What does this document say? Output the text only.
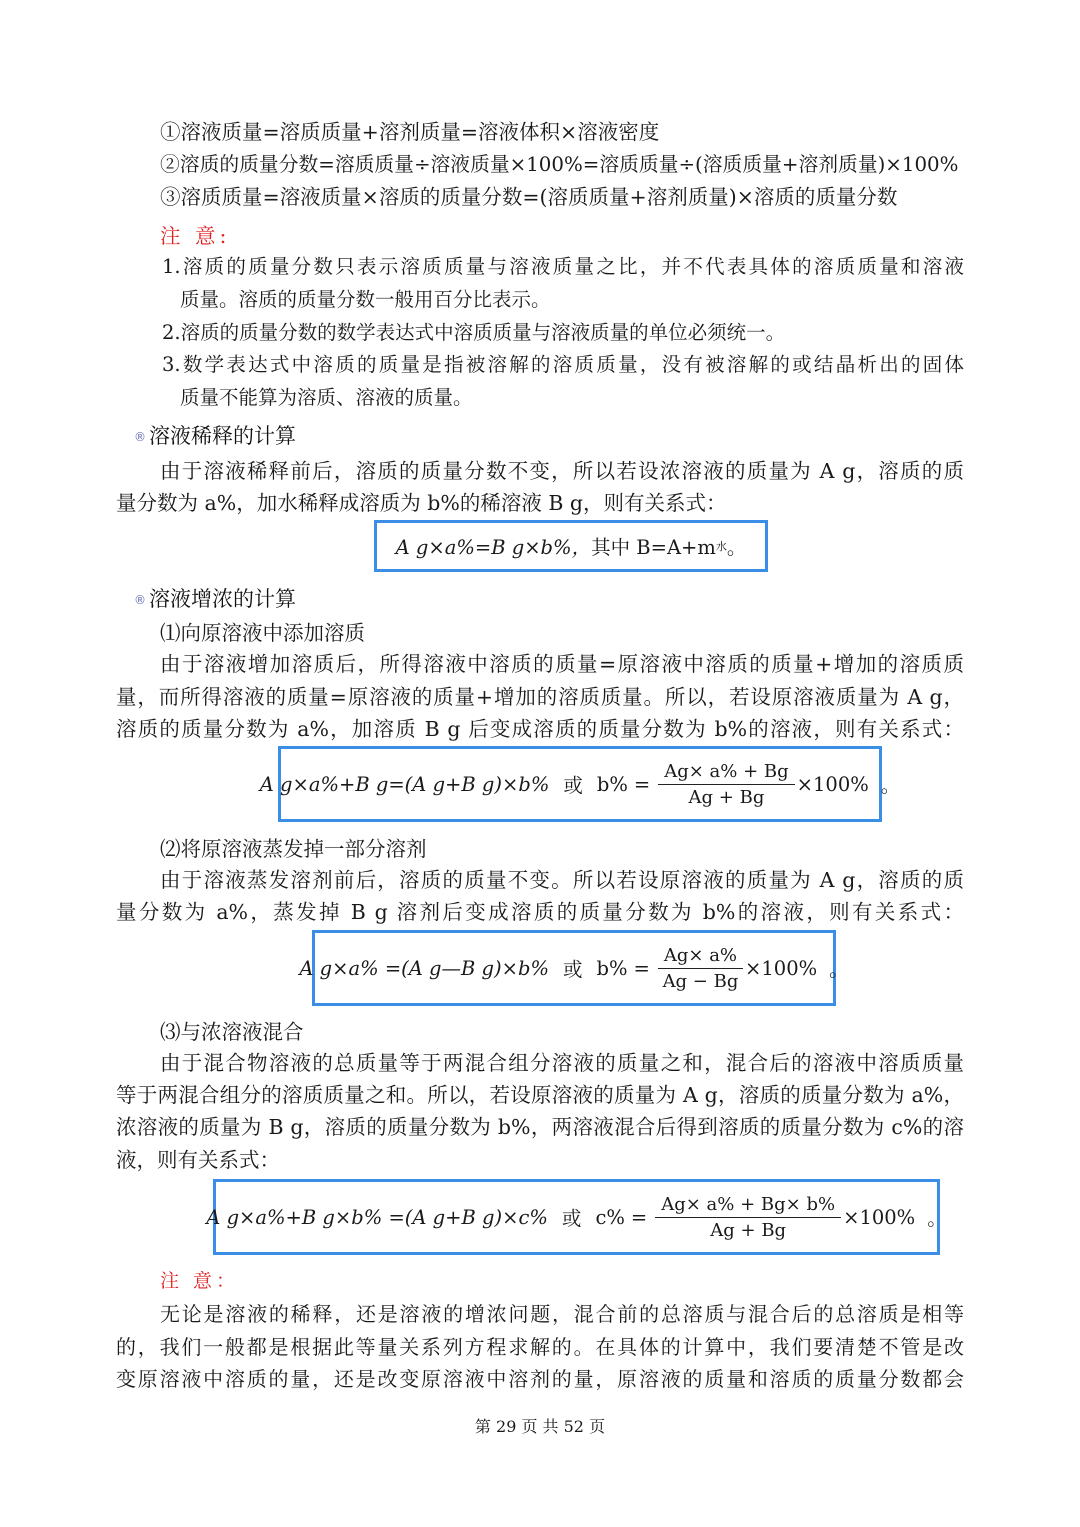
①溶液质量=溶质质量+溶剂质量=溶液体积×溶液密度
②溶质的质量分数=溶质质量÷溶液质量×100%=溶质质量÷(溶质质量+溶剂质量)×100%
③溶质质量=溶液质量×溶质的质量分数=(溶质质量+溶剂质量)×溶质的质量分数
注 意:
1.溶质的质量分数只表示溶质质量与溶液质量之比，并不代表具体的溶质质量和溶液
质量。溶质的质量分数一般用百分比表示。
2.溶质的质量分数的数学表达式中溶质质量与溶液质量的单位必须统一。
3.数学表达式中溶质的质量是指被溶解的溶质质量，没有被溶解的或结晶析出的固体
质量不能算为溶质、溶液的质量。
® 溶液稀释的计算
由于溶液稀释前后，溶质的质量分数不变，所以若设浓溶液的质量为 A g，溶质的质
量分数为 a%，加水稀释成溶质为 b%的稀溶液 B g，则有关系式：
A g×a%=B g×b%， 其中 B=A+m 水 。
® 溶液增浓的计算
⑴向原溶液中添加溶质
由于溶液增加溶质后，所得溶液中溶质的质量=原溶液中溶质的质量+增加的溶质质
量，而所得溶液的质量=原溶液的质量+增加的溶质质量。所以，若设原溶液质量为 A g，
溶质的质量分数为 a%，加溶质 B g 后变成溶质的质量分数为 b%的溶液，则有关系式：
A g×a%+B g=(A g+B g)×b% 或 $b\% = \frac{Ag\times a\% + Bg}{Ag + Bg} \times 100\%$ 。
⑵将原溶液蒸发掉一部分溶剂
由于溶液蒸发溶剂前后，溶质的质量不变。所以若设原溶液的质量为 A g，溶质的质
量分数为 a%，蒸发掉 B g 溶剂后变成溶质的质量分数为 b%的溶液，则有关系式：
A g×a% =(A g—B g)×b% 或 $b\% = \frac{Ag\times a\%}{Ag - Bg} \times 100\%$ 。
⑶与浓溶液混合
由于混合物溶液的总质量等于两混合组分溶液的质量之和，混合后的溶液中溶质质量
等于两混合组分的溶质质量之和。所以，若设原溶液的质量为 A g，溶质的质量分数为 a%，
浓溶液的质量为 B g，溶质的质量分数为 b%，两溶液混合后得到溶质的质量分数为 c%的溶
液，则有关系式：
A g×a%+B g×b% =(A g+B g)×c% 或 $c\% = \frac{Ag\times a\% + Bg\times b\%}{Ag + Bg} \times 100\%$ 。
注 意：
无论是溶液的稀释，还是溶液的增浓问题，混合前的总溶质与混合后的总溶质是相等
的，我们一般都是根据此等量关系列方程求解的。在具体的计算中，我们要清楚不管是改
变原溶液中溶质的量，还是改变原溶液中溶剂的量，原溶液的质量和溶质的质量分数都会
第 29 页 共 52 页
